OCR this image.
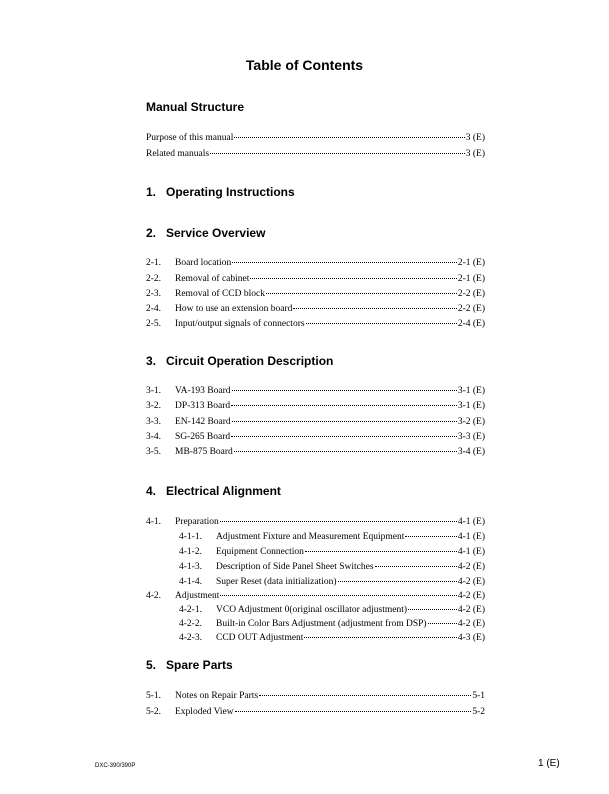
Table of Contents
Manual Structure
Purpose of this manual	3 (E)
Related manuals	3 (E)
1. Operating Instructions
2. Service Overview
2-1.	Board location	2-1 (E)
2-2.	Removal of cabinet	2-1 (E)
2-3.	Removal of CCD block	2-2 (E)
2-4.	How to use an extension board	2-2 (E)
2-5.	Input/output signals of connectors	2-4 (E)
3. Circuit Operation Description
3-1.	VA-193 Board	3-1 (E)
3-2.	DP-313 Board	3-1 (E)
3-3.	EN-142 Board	3-2 (E)
3-4.	SG-265 Board	3-3 (E)
3-5.	MB-875 Board	3-4 (E)
4. Electrical Alignment
4-1.	Preparation	4-1 (E)
4-1-1.	Adjustment Fixture and Measurement Equipment	4-1 (E)
4-1-2.	Equipment Connection	4-1 (E)
4-1-3.	Description of Side Panel Sheet Switches	4-2 (E)
4-1-4.	Super Reset (data initialization)	4-2 (E)
4-2.	Adjustment	4-2 (E)
4-2-1.	VCO Adjustment 0(original oscillator adjustment)	4-2 (E)
4-2-2.	Built-in Color Bars Adjustment (adjustment from DSP)	4-2 (E)
4-2-3.	CCD OUT Adjustment	4-3 (E)
5. Spare Parts
5-1.	Notes on Repair Parts	5-1
5-2.	Exploded View	5-2
DXC-390/390P	1 (E)
